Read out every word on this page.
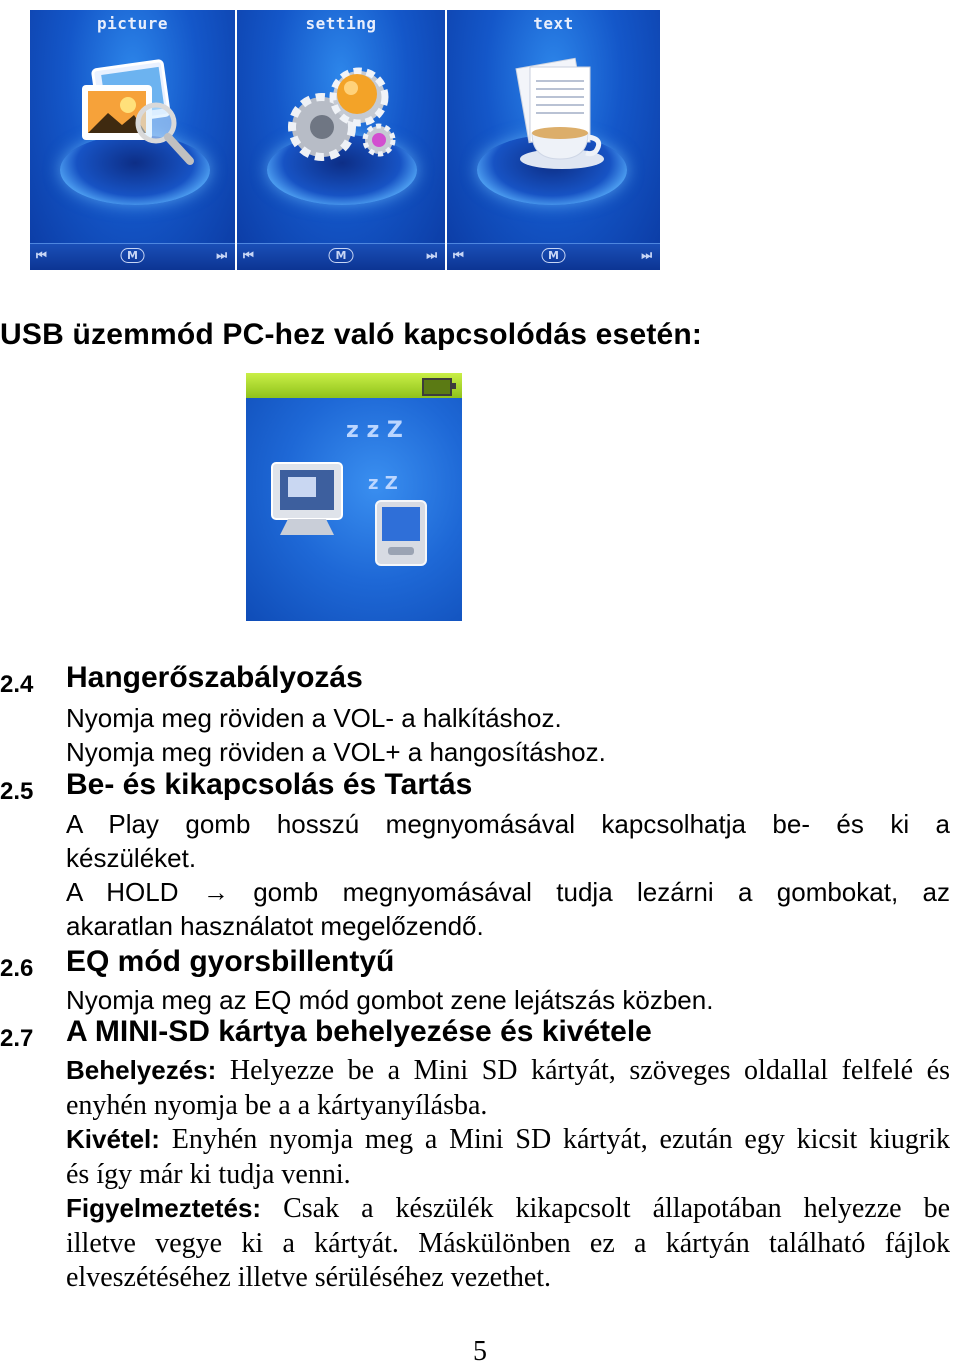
picture
⏮	M	⏭
setting
⏮	M	⏭
text
⏮	M	⏭
USB üzemmód PC-hez való kapcsolódás esetén:
z z Z
z Z
2.4 Hangerőszabályozás
Nyomja meg röviden a VOL- a halkításhoz.
Nyomja meg röviden a VOL+ a hangosításhoz.
2.5 Be- és kikapcsolás és Tartás
A Play gomb hosszú megnyomásával kapcsolhatja be- és ki a
készüléket.
A HOLD → gomb megnyomásával tudja lezárni a gombokat, az
akaratlan használatot megelőzendő.
2.6 EQ mód gyorsbillentyű
Nyomja meg az EQ mód gombot zene lejátszás közben.
2.7 A MINI-SD kártya behelyezése és kivétele
Behelyezés: Helyezze be a Mini SD kártyát, szöveges oldallal felfelé és
enyhén nyomja be a a kártyanyílásba.
Kivétel: Enyhén nyomja meg a Mini SD kártyát, ezután egy kicsit kiugrik
és így már ki tudja venni.
Figyelmeztetés: Csak a készülék kikapcsolt állapotában helyezze be
illetve vegye ki a kártyát. Máskülönben ez a kártyán található fájlok
elveszétéséhez illetve sérüléséhez vezethet.
5
